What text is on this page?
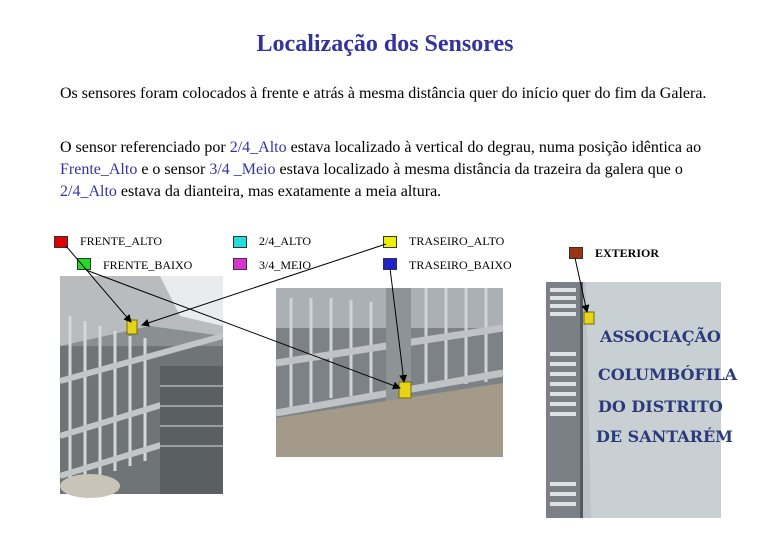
Localização dos Sensores
Os sensores foram colocados à frente e atrás à mesma distância quer do início quer do fim da Galera.
O sensor referenciado por 2/4_Alto estava localizado à vertical do degrau, numa posição idêntica ao Frente_Alto e o sensor 3/4 _Meio estava localizado à mesma distância da trazeira da galera que o 2/4_Alto estava da dianteira, mas exatamente a meia altura.
FRENTE_ALTO
FRENTE_BAIXO
2/4_ALTO
3/4_MEIO
TRASEIRO_ALTO
TRASEIRO_BAIXO
EXTERIOR
ASSOCIAÇÃO
COLUMBÓFILA
DO DISTRITO
DE SANTARÉM
